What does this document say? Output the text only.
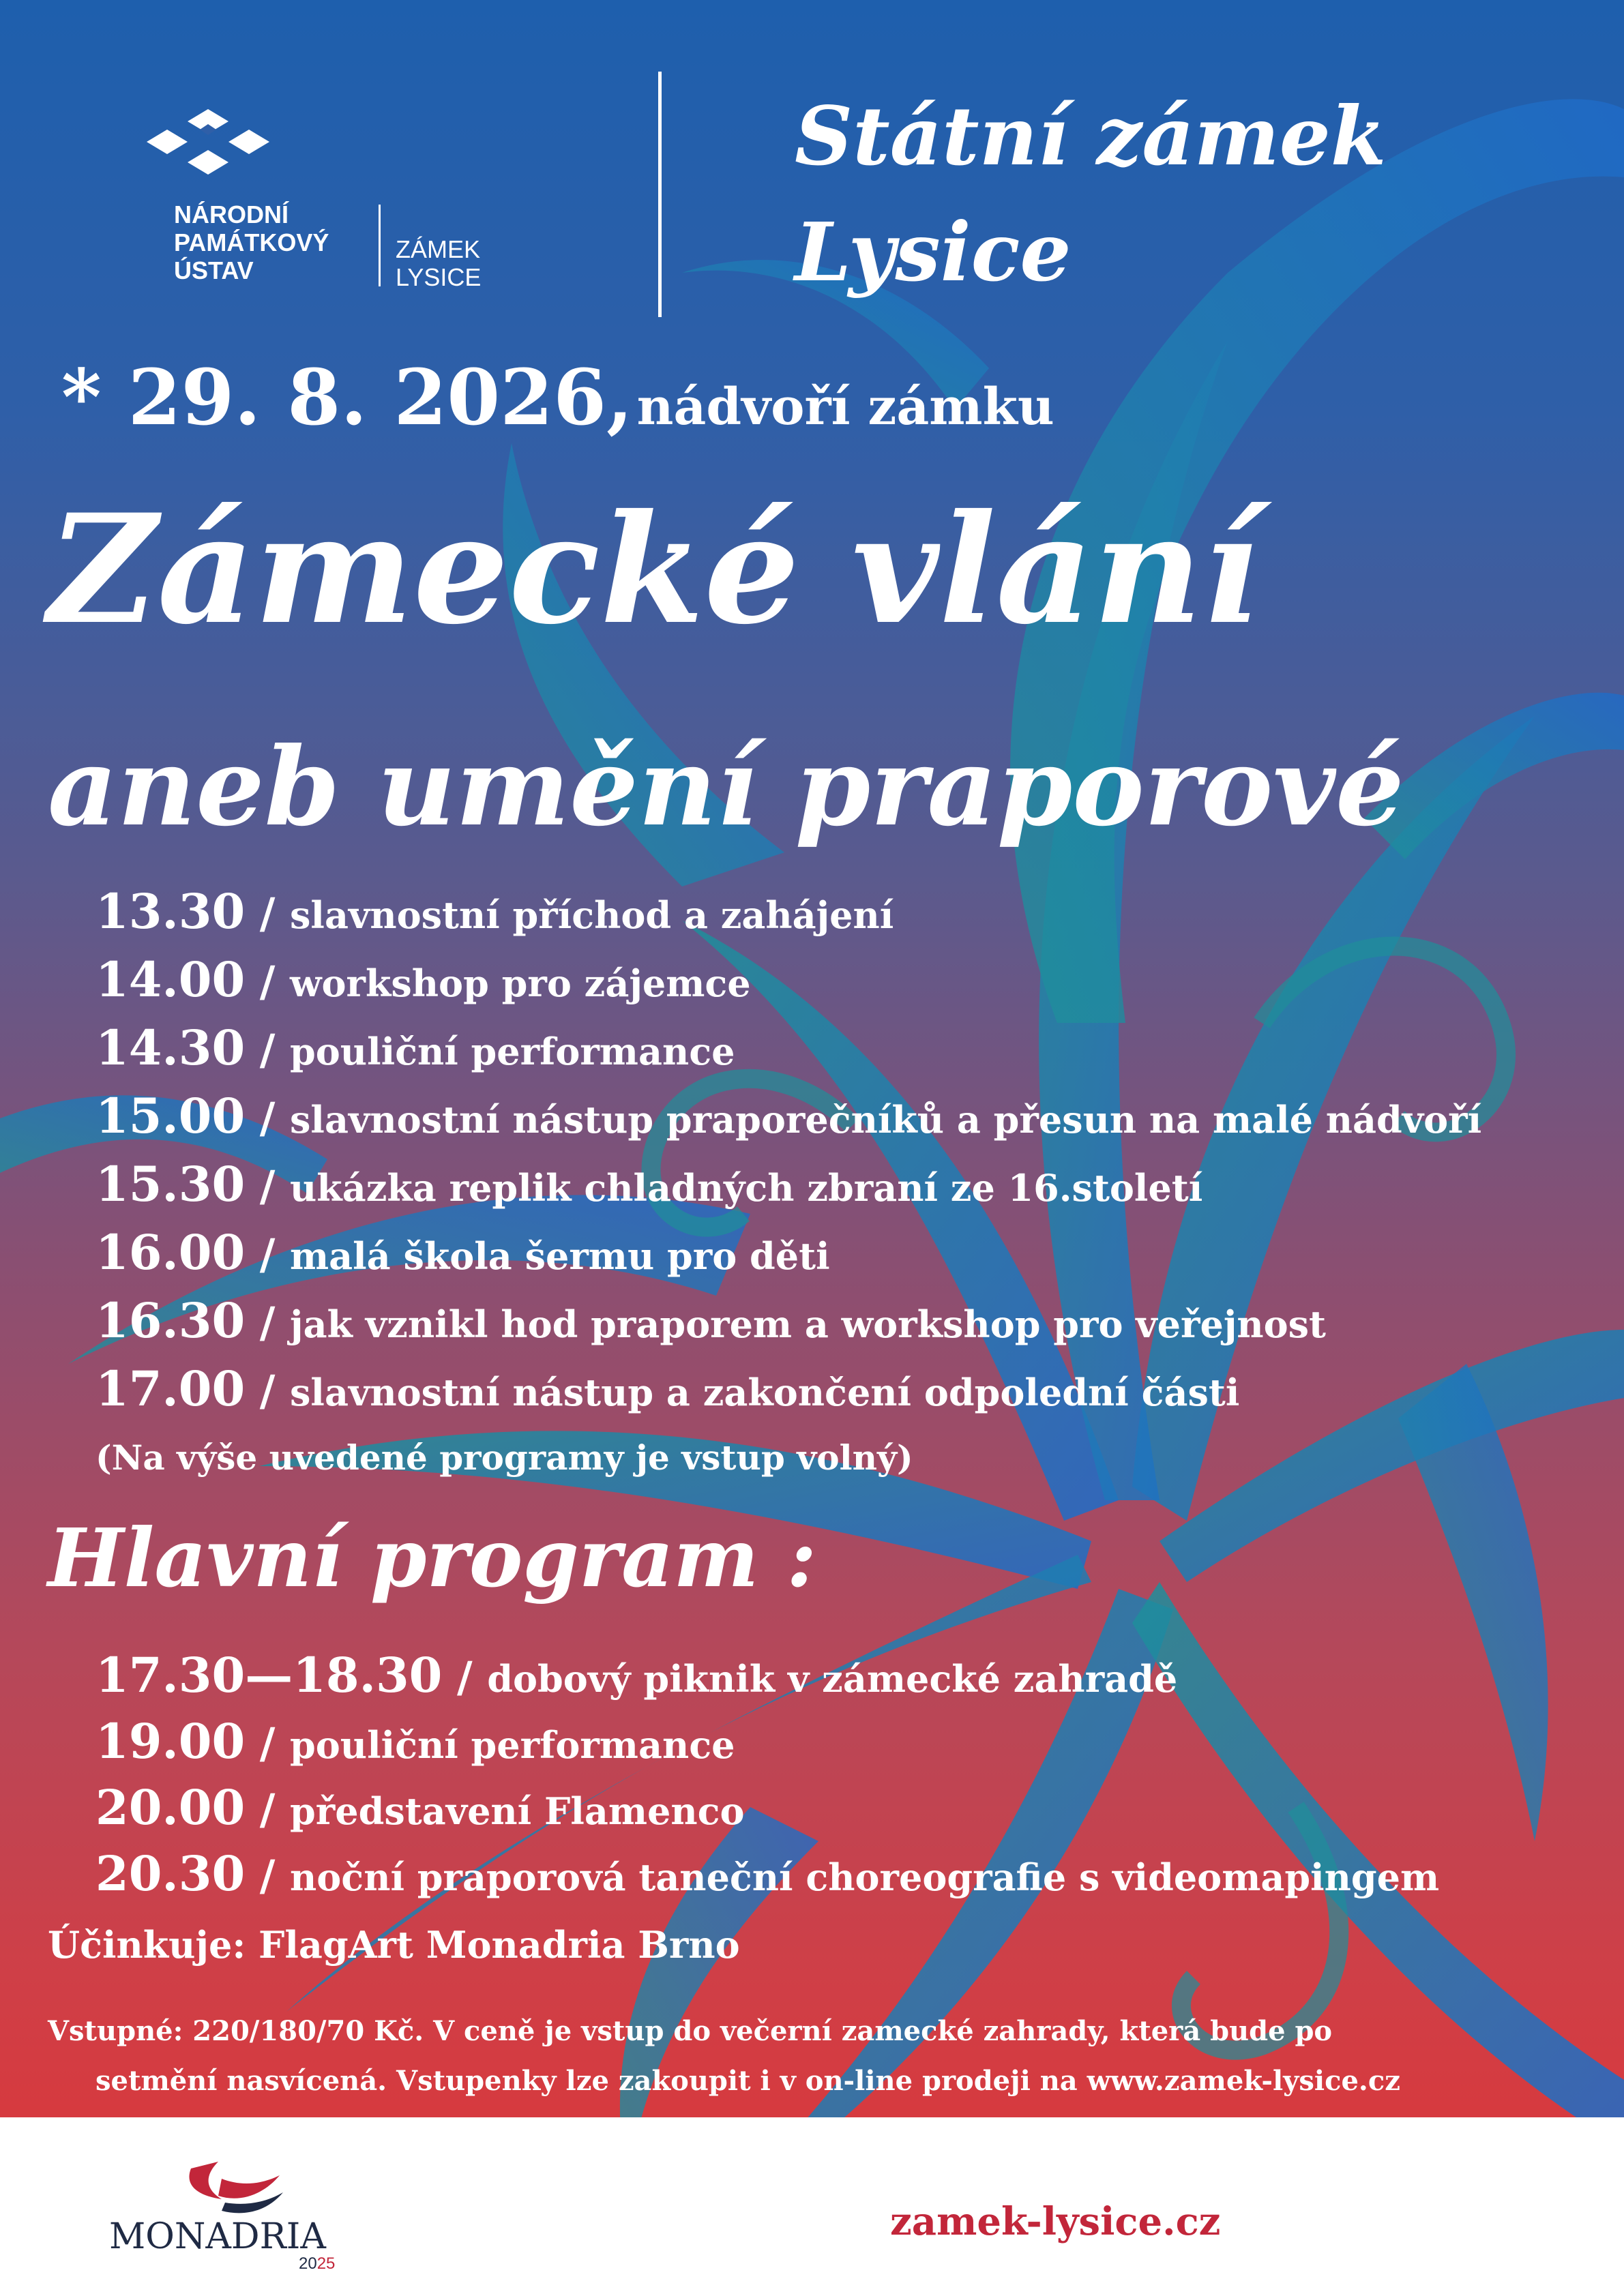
NÁRODNÍ
PAMÁTKOVÝ
ÚSTAV
ZÁMEK
LYSICE
Státní zámek
Lysice
* 29. 8. 2026, nádvoří zámku
Zámecké vlání
aneb umění praporové
13.30 / slavnostní příchod a zahájení
14.00 / workshop pro zájemce
14.30 / pouliční performance
15.00 / slavnostní nástup praporečníků a přesun na malé nádvoří
15.30 / ukázka replik chladných zbraní ze 16.století
16.00 / malá škola šermu pro děti
16.30 / jak vznikl hod praporem a workshop pro veřejnost
17.00 / slavnostní nástup a zakončení odpolední části
(Na výše uvedené programy je vstup volný)
Hlavní program :
17.30—18.30 / dobový piknik v zámecké zahradě
19.00 / pouliční performance
20.00 / představení Flamenco
20.30 / noční praporová taneční choreografie s videomapingem
Účinkuje: FlagArt Monadria Brno
Vstupné: 220/180/70 Kč. V ceně je vstup do večerní zamecké zahrady, která bude po
setmění nasvícená. Vstupenky lze zakoupit i v on-line prodeji na www.zamek-lysice.cz
MONADRIA
2025
zamek-lysice.cz
